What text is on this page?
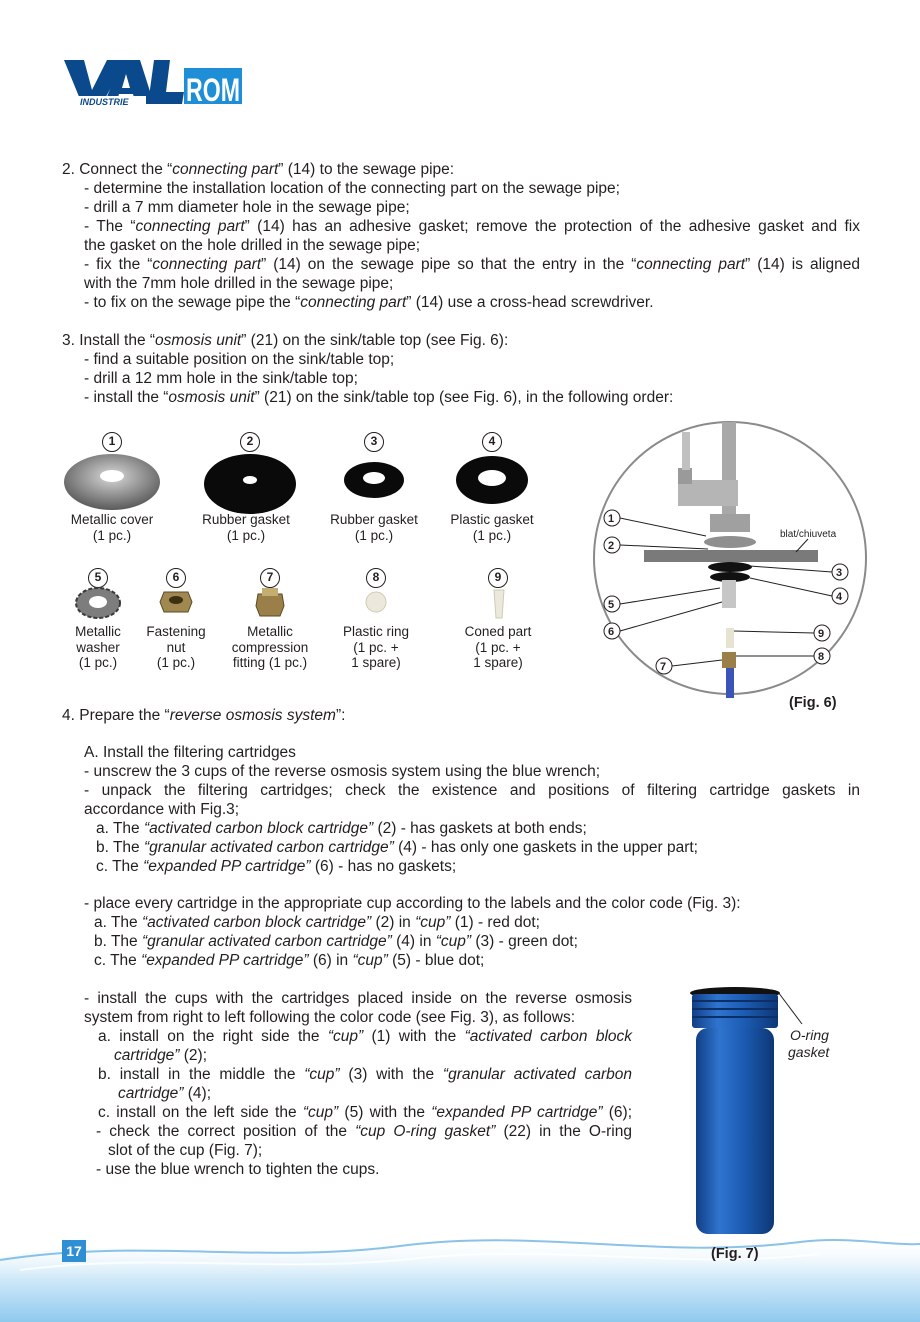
INDUSTRIE ROM
VAL
2. Connect the “connecting part” (14) to the sewage pipe:
- determine the installation location of the connecting part on the sewage pipe;
- drill a 7 mm diameter hole in the sewage pipe;
- The “connecting part” (14) has an adhesive gasket; remove the protection of the adhesive gasket and fix
the gasket on the hole drilled in the sewage pipe;
- fix the “connecting part” (14) on the sewage pipe so that the entry in the “connecting part” (14) is aligned
with the 7mm hole drilled in the sewage pipe;
- to fix on the sewage pipe the “connecting part” (14) use a cross-head screwdriver.
3. Install the “osmosis unit” (21) on the sink/table top (see Fig. 6):
- find a suitable position on the sink/table top;
- drill a 12 mm hole in the sink/table top;
- install the “osmosis unit” (21) on the sink/table top (see Fig. 6), in the following order:
1
Metallic cover
(1 pc.)
2
Rubber gasket
(1 pc.)
3
Rubber gasket
(1 pc.)
4
Plastic gasket
(1 pc.)
5
Metallic
washer
(1 pc.)
6
Fastening
nut
(1 pc.)
7
Metallic
compression
fitting (1 pc.)
8
Plastic ring
(1 pc. +
1 spare)
9
Coned part
(1 pc. +
1 spare)
blat/chiuveta
1
2
5
6
7
3
4
9
8
(Fig. 6)
4. Prepare the “reverse osmosis system”:
A. Install the filtering cartridges
- unscrew the 3 cups of the reverse osmosis system using the blue wrench;
- unpack the filtering cartridges; check the existence and positions of filtering cartridge gaskets in
accordance with Fig.3;
a. The “activated carbon block cartridge” (2) - has gaskets at both ends;
b. The “granular activated carbon cartridge” (4) - has only one gaskets in the upper part;
c. The “expanded PP cartridge” (6) - has no gaskets;
- place every cartridge in the appropriate cup according to the labels and the color code (Fig. 3):
a. The “activated carbon block cartridge” (2) in “cup” (1) - red dot;
b. The “granular activated carbon cartridge” (4) in “cup” (3) - green dot;
c. The “expanded PP cartridge” (6) in “cup” (5) - blue dot;
- install the cups with the cartridges placed inside on the reverse osmosis
system from right to left following the color code (see Fig. 3), as follows:
a. install on the right side the “cup” (1) with the “activated carbon block
cartridge” (2);
b. install in the middle the “cup” (3) with the “granular activated carbon
cartridge” (4);
c. install on the left side the “cup” (5) with the “expanded PP cartridge” (6);
- check the correct position of the “cup O-ring gasket” (22) in the O-ring
slot of the cup (Fig. 7);
- use the blue wrench to tighten the cups.
O-ring
gasket
(Fig. 7)
17
